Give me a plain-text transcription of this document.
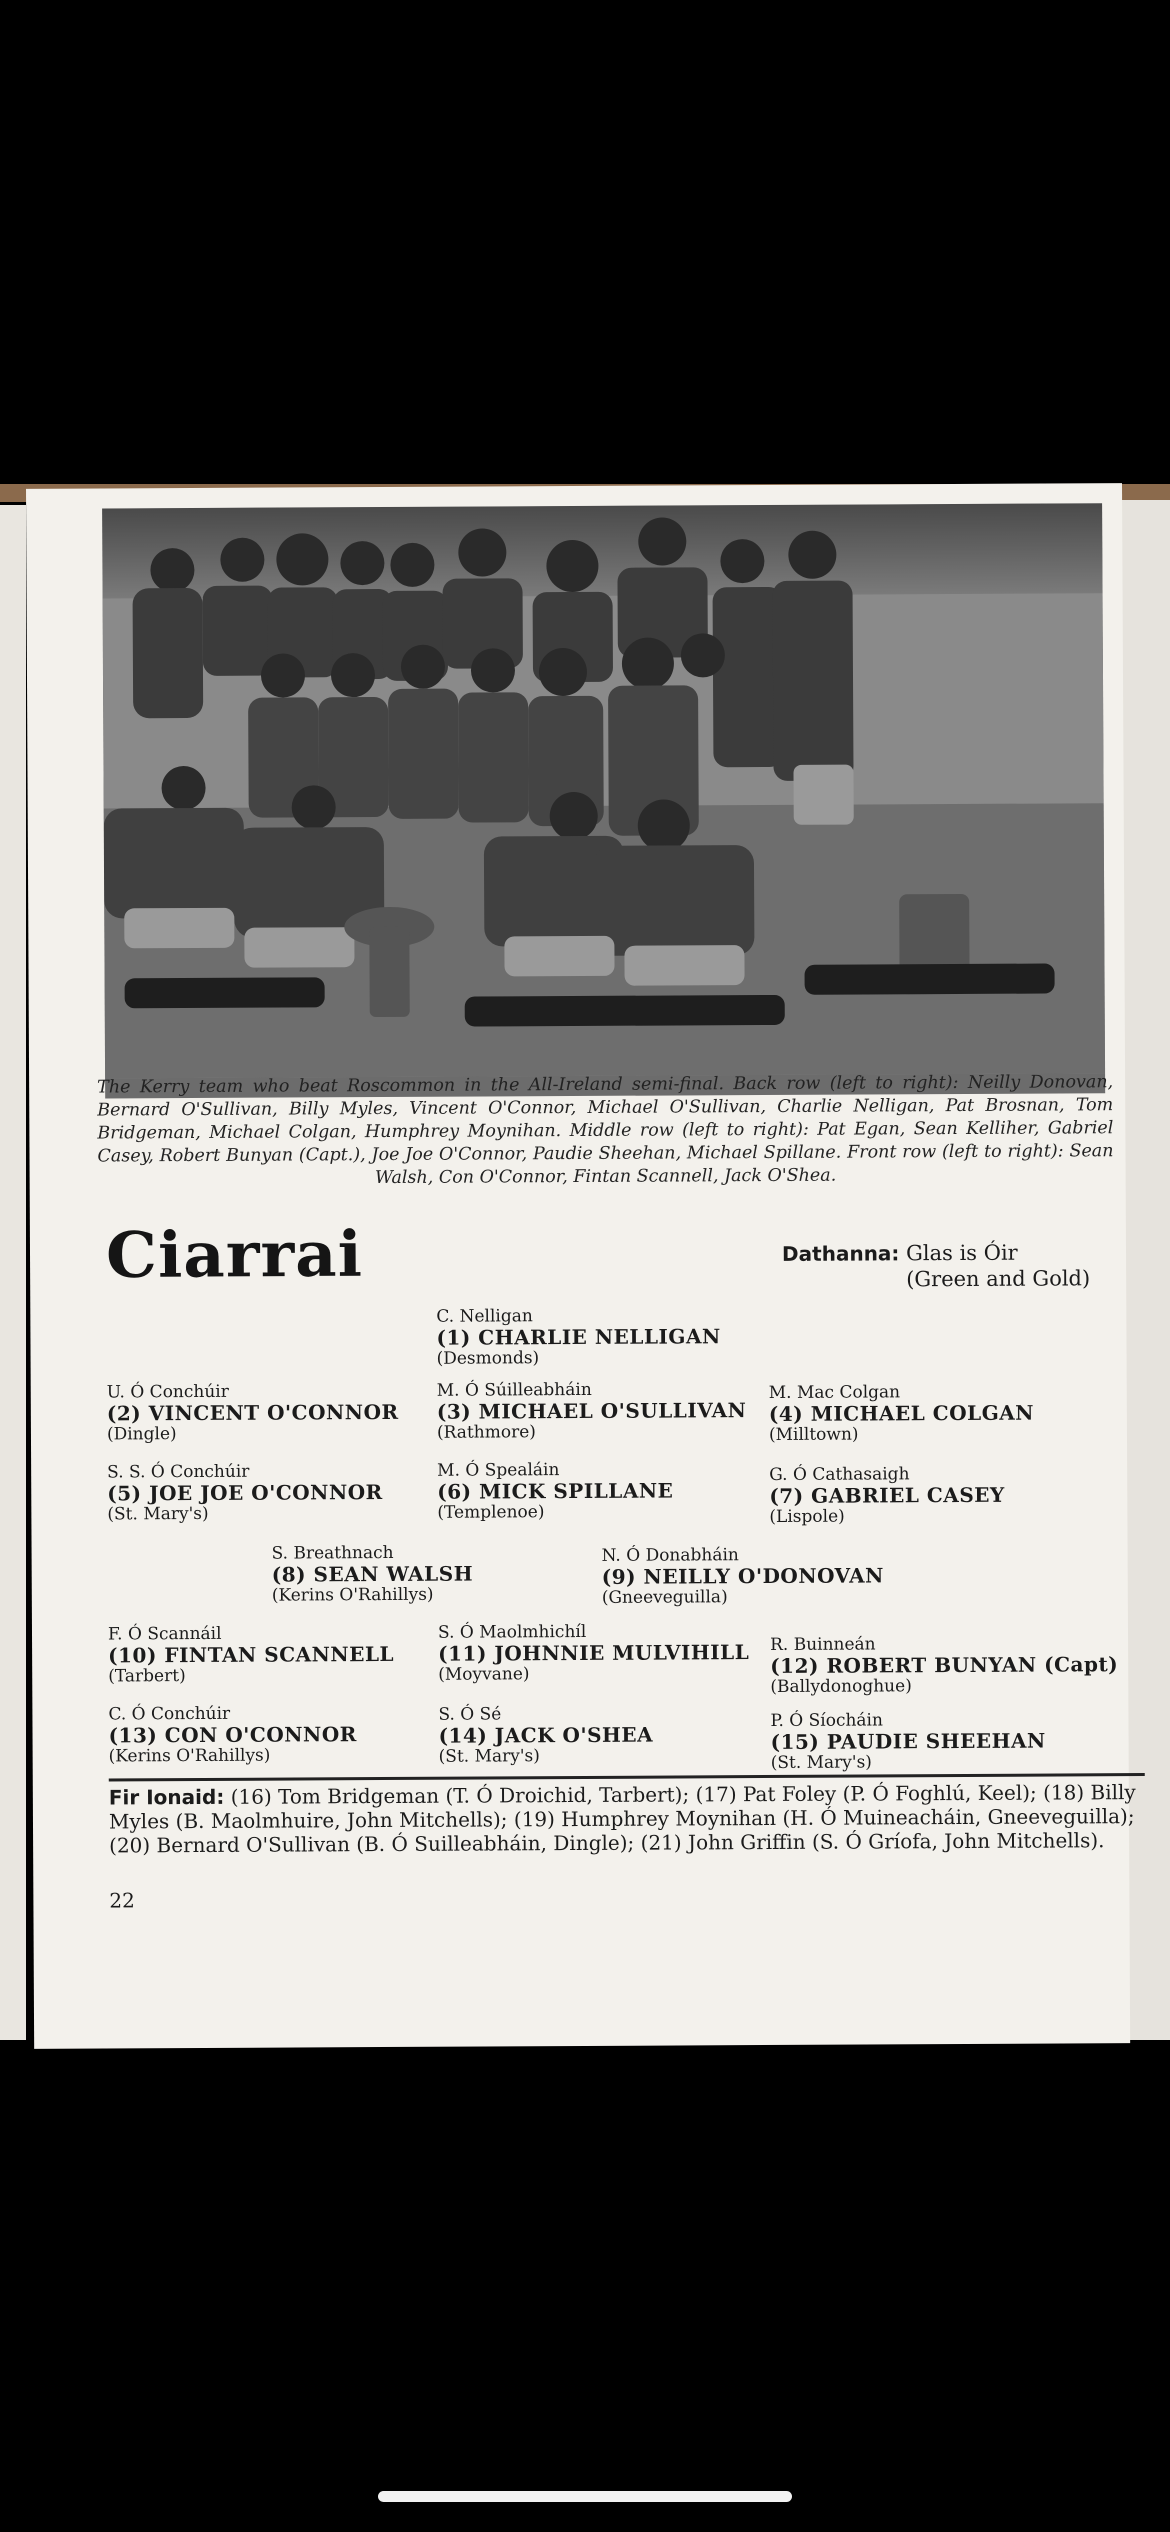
The Kerry team who beat Roscommon in the All-Ireland semi-final. Back row (left to right): Neilly Donovan, Bernard O'Sullivan, Billy Myles, Vincent O'Connor, Michael O'Sullivan, Charlie Nelligan, Pat Brosnan, Tom Bridgeman, Michael Colgan, Humphrey Moynihan. Middle row (left to right): Pat Egan, Sean Kelliher, Gabriel Casey, Robert Bunyan (Capt.), Joe Joe O'Connor, Paudie Sheehan, Michael Spillane. Front row (left to right): Sean Walsh, Con O'Connor, Fintan Scannell, Jack O'Shea.
Ciarrai	Dathanna: Glas is Óir
(Green and Gold)
C. Nelligan
(1) CHARLIE NELLIGAN
(Desmonds)
U. Ó Conchúir
(2) VINCENT O'CONNOR
(Dingle)
M. Ó Súilleabháin
(3) MICHAEL O'SULLIVAN
(Rathmore)
M. Mac Colgan
(4) MICHAEL COLGAN
(Milltown)
S. S. Ó Conchúir
(5) JOE JOE O'CONNOR
(St. Mary's)
M. Ó Spealáin
(6) MICK SPILLANE
(Templenoe)
G. Ó Cathasaigh
(7) GABRIEL CASEY
(Lispole)
S. Breathnach
(8) SEAN WALSH
(Kerins O'Rahillys)
N. Ó Donabháin
(9) NEILLY O'DONOVAN
(Gneeveguilla)
F. Ó Scannáil
(10) FINTAN SCANNELL
(Tarbert)
S. Ó Maolmhichíl
(11) JOHNNIE MULVIHILL
(Moyvane)
R. Buinneán
(12) ROBERT BUNYAN (Capt)
(Ballydonoghue)
C. Ó Conchúir
(13) CON O'CONNOR
(Kerins O'Rahillys)
S. Ó Sé
(14) JACK O'SHEA
(St. Mary's)
P. Ó Síocháin
(15) PAUDIE SHEEHAN
(St. Mary's)
Fir Ionaid: (16) Tom Bridgeman (T. Ó Droichid, Tarbert); (17) Pat Foley (P. Ó Foghlú, Keel); (18) Billy Myles (B. Maolmhuire, John Mitchells); (19) Humphrey Moynihan (H. Ó Muineacháin, Gneeveguilla); (20) Bernard O'Sullivan (B. Ó Suilleabháin, Dingle); (21) John Griffin (S. Ó Gríofa, John Mitchells).
22
